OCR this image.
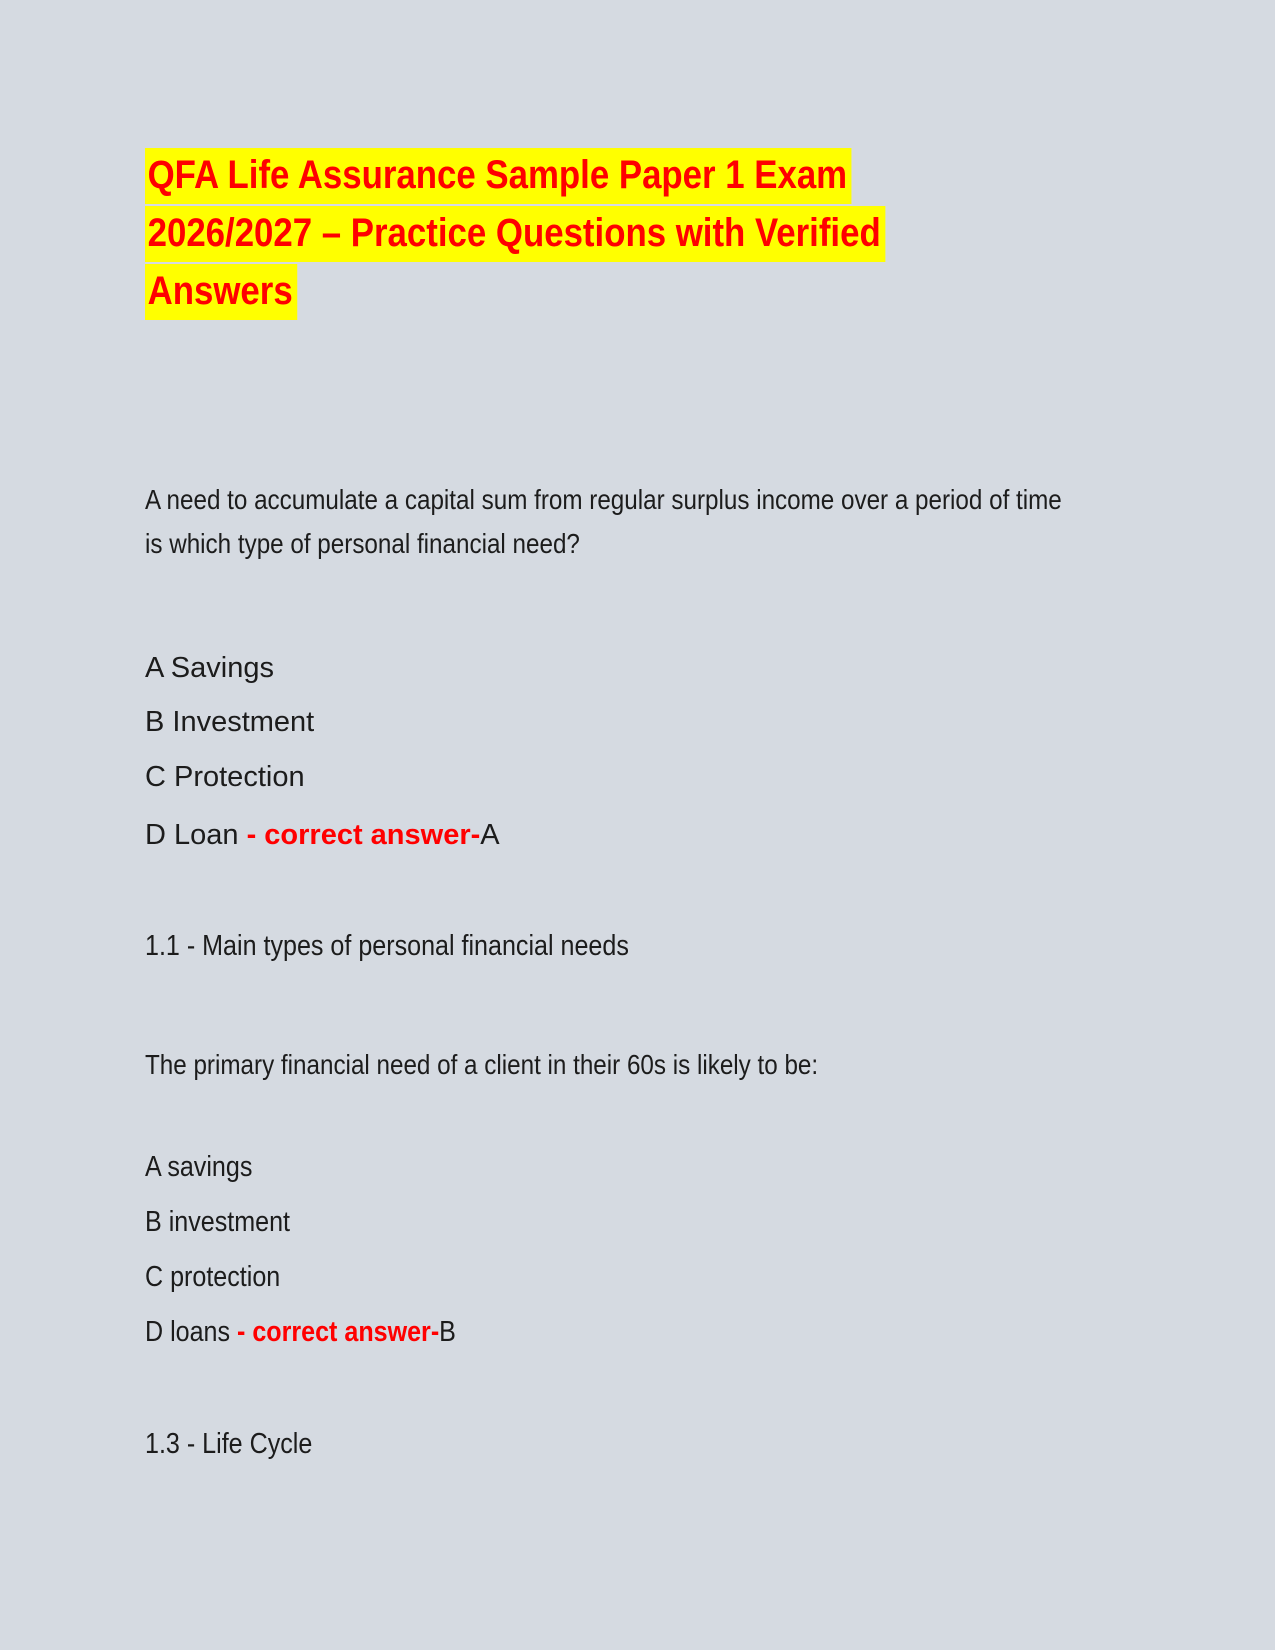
QFA Life Assurance Sample Paper 1 Exam
2026/2027 – Practice Questions with Verified
Answers

A need to accumulate a capital sum from regular surplus income over a period of time is which type of personal financial need?

A Savings

B Investment

C Protection

D Loan - correct answer-A

1.1 - Main types of personal financial needs

The primary financial need of a client in their 60s is likely to be:

A savings

B investment

C protection

D loans - correct answer-B

1.3 - Life Cycle
